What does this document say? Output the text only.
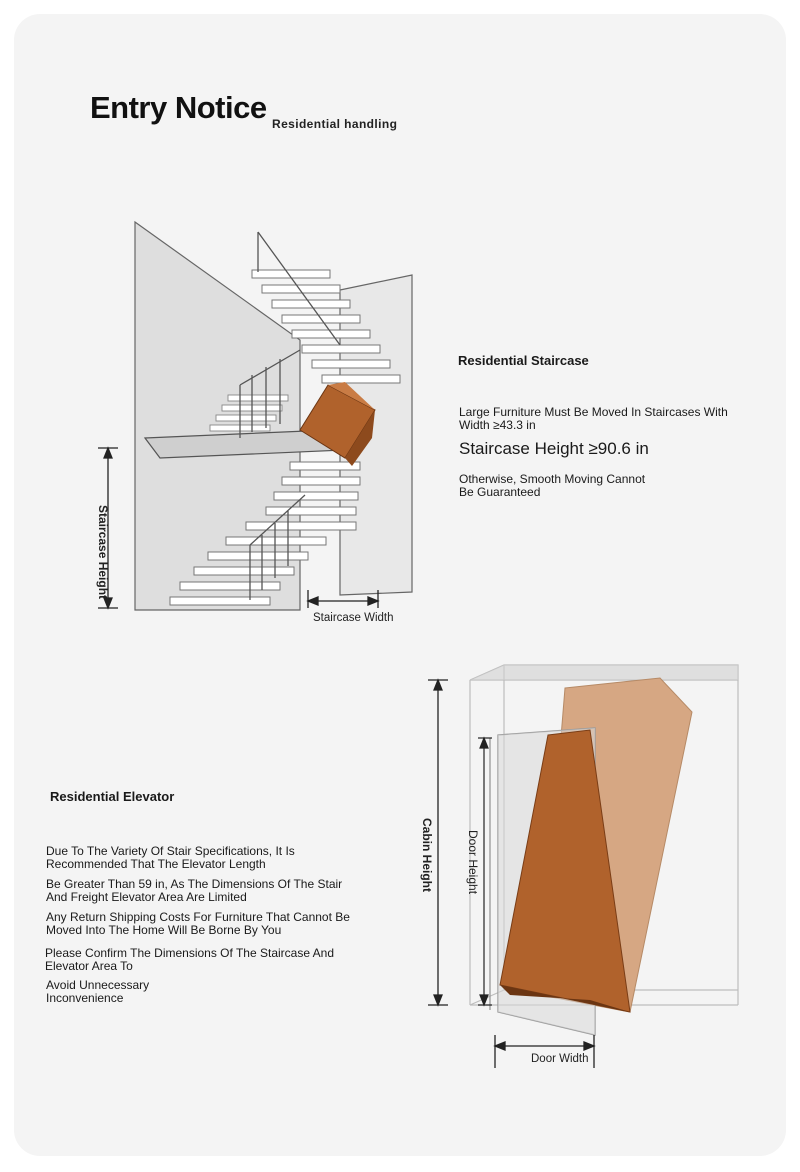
Entry Notice Residential handling
Staircase Height
Staircase Width
Residential Staircase
Large Furniture Must Be Moved In Staircases With Width ≥43.3 in
Staircase Height ≥90.6 in
Otherwise, Smooth Moving Cannot Be Guaranteed
Residential Elevator
Due To The Variety Of Stair Specifications, It Is Recommended That The Elevator Length
Be Greater Than 59 in, As The Dimensions Of The Stair And Freight Elevator Area Are Limited
Any Return Shipping Costs For Furniture That Cannot Be Moved Into The Home Will Be Borne By You
Please Confirm The Dimensions Of The Staircase And Elevator Area To
Avoid Unnecessary Inconvenience
Cabin Height	Door Height
Door Width
